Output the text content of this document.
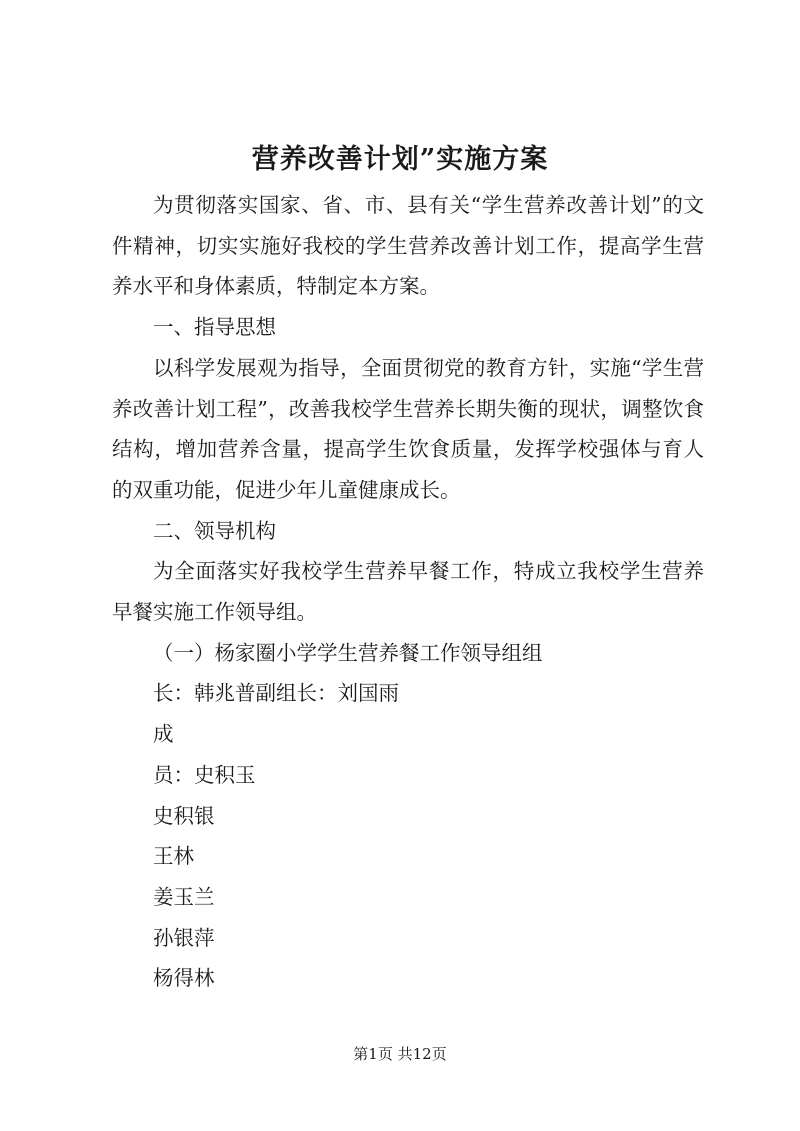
营养改善计划”实施方案

为贯彻落实国家、省、市、县有关“学生营养改善计划”的文件精神，切实实施好我校的学生营养改善计划工作，提高学生营养水平和身体素质，特制定本方案。

一、指导思想

以科学发展观为指导，全面贯彻党的教育方针，实施“学生营养改善计划工程”，改善我校学生营养长期失衡的现状，调整饮食结构，增加营养含量，提高学生饮食质量，发挥学校强体与育人的双重功能，促进少年儿童健康成长。

二、领导机构

为全面落实好我校学生营养早餐工作，特成立我校学生营养早餐实施工作领导组。

（一）杨家圈小学学生营养餐工作领导组组

长：韩兆普副组长：刘国雨

成

员：史积玉

史积银

王林

姜玉兰

孙银萍

杨得林

第1页 共12页
